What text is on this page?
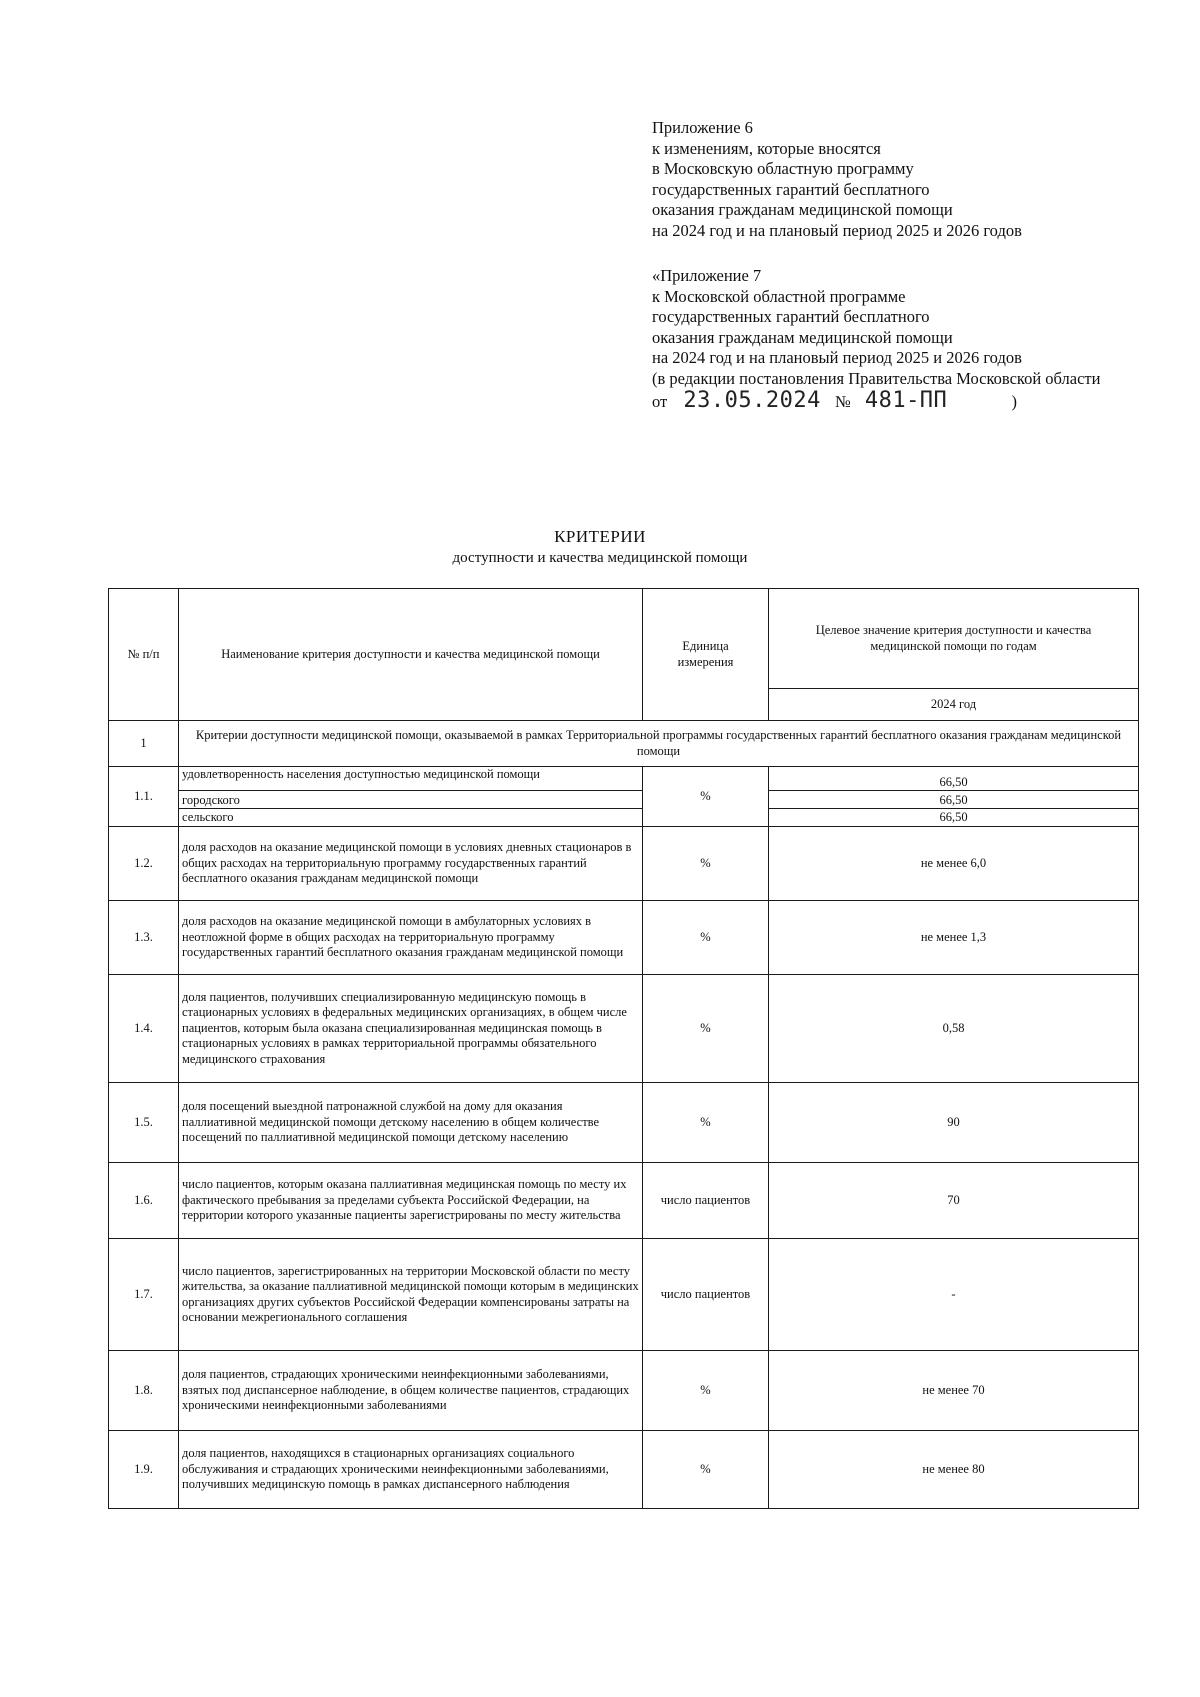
Приложение 6
к изменениям, которые вносятся
в Московскую областную программу
государственных гарантий бесплатного
оказания гражданам медицинской помощи
на 2024 год и на плановый период 2025 и 2026 годов
«Приложение 7
к Московской областной программе
государственных гарантий бесплатного
оказания гражданам медицинской помощи
на 2024 год и на плановый период 2025 и 2026 годов
(в редакции постановления Правительства Московской области
от 23.05.2024 № 481-ПП	)
КРИТЕРИИ
доступности и качества медицинской помощи
№ п/п	Наименование критерия доступности и качества медицинской помощи	Единица измерения	Целевое значение критерия доступности и качества медицинской помощи по годам
			2024 год
1	Критерии доступности медицинской помощи, оказываемой в рамках Территориальной программы государственных гарантий бесплатного оказания гражданам медицинской помощи		
1.1.	удовлетворенность населения доступностью медицинской помощи	%	66,50
	городского		66,50
	сельского		66,50
1.2.	доля расходов на оказание медицинской помощи в условиях дневных стационаров в общих расходах на территориальную программу государственных гарантий бесплатного оказания гражданам медицинской помощи	%	не менее 6,0
1.3.	доля расходов на оказание медицинской помощи в амбулаторных условиях в неотложной форме в общих расходах на территориальную программу государственных гарантий бесплатного оказания гражданам медицинской помощи	%	не менее 1,3
1.4.	доля пациентов, получивших специализированную медицинскую помощь в стационарных условиях в федеральных медицинских организациях, в общем числе пациентов, которым была оказана специализированная медицинская помощь в стационарных условиях в рамках территориальной программы обязательного медицинского страхования	%	0,58
1.5.	доля посещений выездной патронажной службой на дому для оказания паллиативной медицинской помощи детскому населению в общем количестве посещений по паллиативной медицинской помощи детскому населению	%	90
1.6.	число пациентов, которым оказана паллиативная медицинская помощь по месту их фактического пребывания за пределами субъекта Российской Федерации, на территории которого указанные пациенты зарегистрированы по месту жительства	число пациентов	70
1.7.	число пациентов, зарегистрированных на территории Московской области по месту жительства, за оказание паллиативной медицинской помощи которым в медицинских организациях других субъектов Российской Федерации компенсированы затраты на основании межрегионального соглашения	число пациентов	-
1.8.	доля пациентов, страдающих хроническими неинфекционными заболеваниями, взятых под диспансерное наблюдение, в общем количестве пациентов, страдающих хроническими неинфекционными заболеваниями	%	не менее 70
1.9.	доля пациентов, находящихся в стационарных организациях социального обслуживания и страдающих хроническими неинфекционными заболеваниями, получивших медицинскую помощь в рамках диспансерного наблюдения	%	не менее 80
